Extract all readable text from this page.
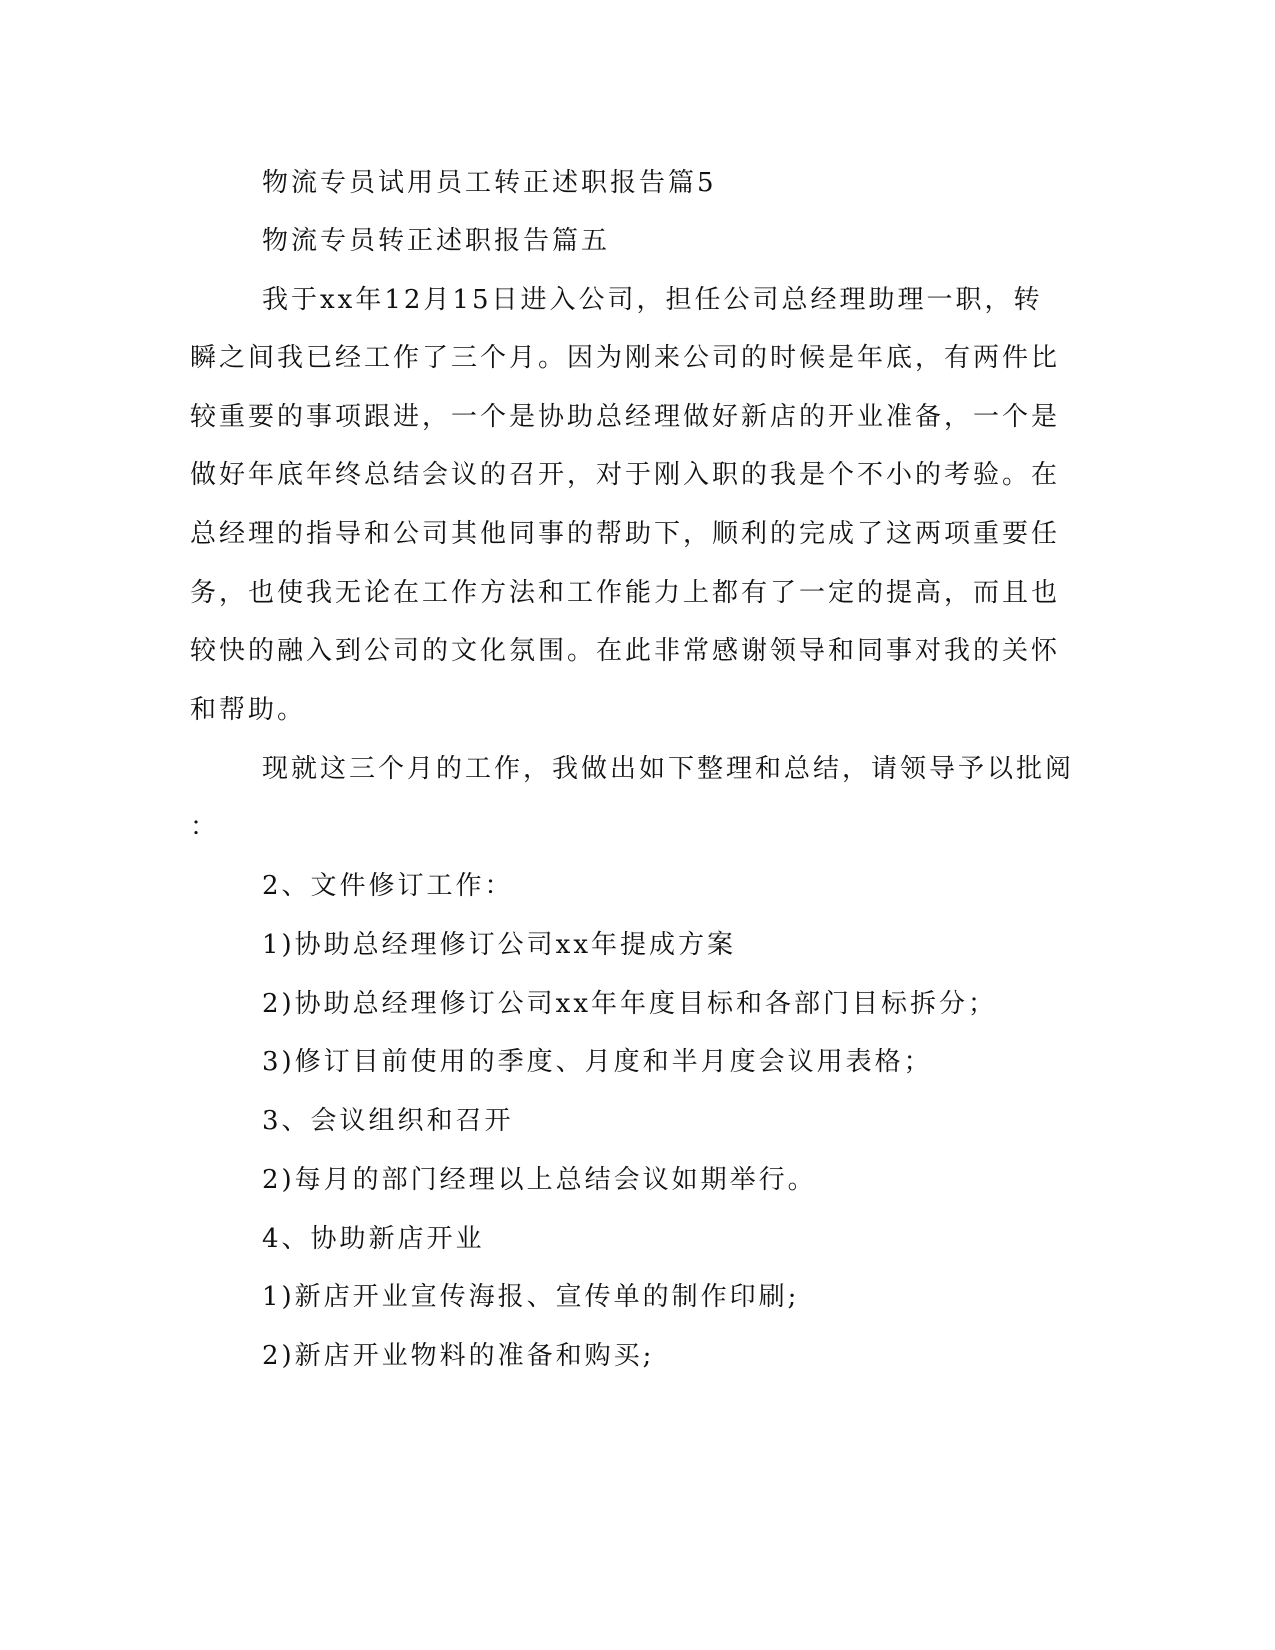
物流专员试用员工转正述职报告篇5
物流专员转正述职报告篇五
我于xx年12月15日进入公司，担任公司总经理助理一职，转
瞬之间我已经工作了三个月。因为刚来公司的时候是年底，有两件比
较重要的事项跟进，一个是协助总经理做好新店的开业准备，一个是
做好年底年终总结会议的召开，对于刚入职的我是个不小的考验。在
总经理的指导和公司其他同事的帮助下，顺利的完成了这两项重要任
务，也使我无论在工作方法和工作能力上都有了一定的提高，而且也
较快的融入到公司的文化氛围。在此非常感谢领导和同事对我的关怀
和帮助。
现就这三个月的工作，我做出如下整理和总结，请领导予以批阅
：
2、文件修订工作：
1)协助总经理修订公司xx年提成方案
2)协助总经理修订公司xx年年度目标和各部门目标拆分；
3)修订目前使用的季度、月度和半月度会议用表格；
3、会议组织和召开
2)每月的部门经理以上总结会议如期举行。
4、协助新店开业
1)新店开业宣传海报、宣传单的制作印刷;
2)新店开业物料的准备和购买;
